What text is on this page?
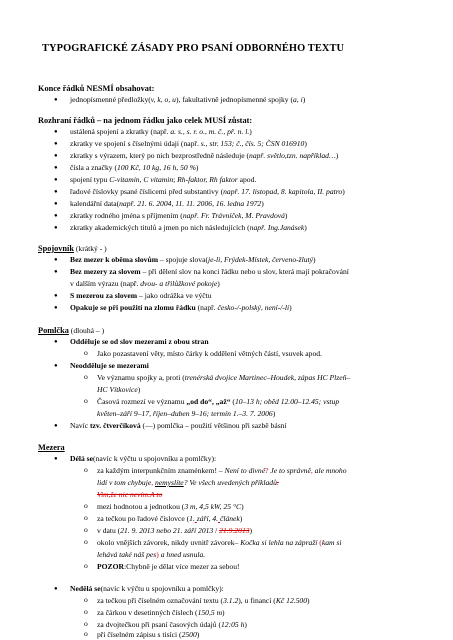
TYPOGRAFICKÉ ZÁSADY PRO PSANÍ ODBORNÉHO TEXTU
Konce řádků NESMÍ obsahovat:
● jednopísmenné předložky(v, k, o, u), fakultativně jednopísmenné spojky (a, i)
Rozhraní řádků – na jednom řádku jako celek MUSÍ zůstat:
● ustálená spojení a zkratky (např. a. s., s. r. o., m. č., př. n. l.)
● zkratky ve spojení s číselnými údaji (např. s., str. 153; č., čís. 5; ČSN 016910)
● zkratky s výrazem, který po nich bezprostředně následuje (např. světlo,tzn. například…)
● čísla a značky (100 Kč, 10 kg, 16 h, 50 %)
● spojení typu C-vitamin, C vitamin; Rh-faktor, Rh faktor apod.
● řadové číslovky psané číslicemi před substantivy (např. 17. listopad, 8. kapitola, II. patro)
● kalendářní data(např. 21. 6. 2004, 11. 11. 2006, 16. ledna 1972)
● zkratky rodného jména s příjmením (např. Fr. Trávníček, M. Pravdová)
● zkratky akademických titulů a jmen po nich následujících (např. Ing.Janásek)
Spojovník (krátký - )
● Bez mezer k oběma slovům – spojuje slova(je-li, Frýdek-Místek, červeno-žlutý)
● Bez mezery za slovem – při dělení slov na konci řádku nebo u slov, která mají pokračování
v dalším výrazu (např. dvou- a třilůžkové pokoje)
● S mezerou za slovem – jako odrážka ve výčtu
● Opakuje se při použití na zlomu řádku (např. česko-/-polský, není-/-li)
Pomlčka (dlouhá – )
● Odděluje se od slov mezerami z obou stran
o Jako pozastavení věty, místo čárky k oddělení větných částí, vsuvek apod.
● Neodděluje se mezerami
o Ve významu spojky a, proti (trenérská dvojice Martinec–Houdek, zápas HC Plzeň–
HC Vítkovice)
o Časová rozmezí ve významu „od do“, „až“ (10–13 h; oběd 12.00–12.45; vstup
květen–září 9–17, říjen–duben 9–16; termín 1.–3. 7. 2006)
● Navíc tzv. čtverčíková (—) pomlčka – použití většinou při sazbě básní
Mezera
● Délá se(navíc k výčtu u spojovníku a pomlčky):
o za každým interpunkčním znaménkem! – Není to divné? Je to správně, ale mnoho
lidí v tom chybuje, nemyslíte? Ve všech uvedených příkladů.
Vim,že nic nevím.A to
o mezi hodnotou a jednotkou (3 m, 4,5 kW, 25 °C)
o za tečkou po řadové číslovce (1. září, 4. článek)
o v datu (21. 9. 2013 nebo 21. září 2013 / 21.9.2013)
o okolo vnějších závorek, nikdy uvnitř závorek– Kočka si lehla na zápraží (kam si
lehává také náš pes) a hned usnula.
o POZOR:Chybně je dělat více mezer za sebou!
● Nedělá se(navíc k výčtu u spojovníku a pomlčky):
o za tečkou při číselném označování textu (3.1.2), u financí (Kč 12.500)
o za čárkou v desetinných číslech (150,5 m)
o za dvojtečkou při psaní časových údajů (12:05 h)
o při číselném zápisu s tisíci (2500)
